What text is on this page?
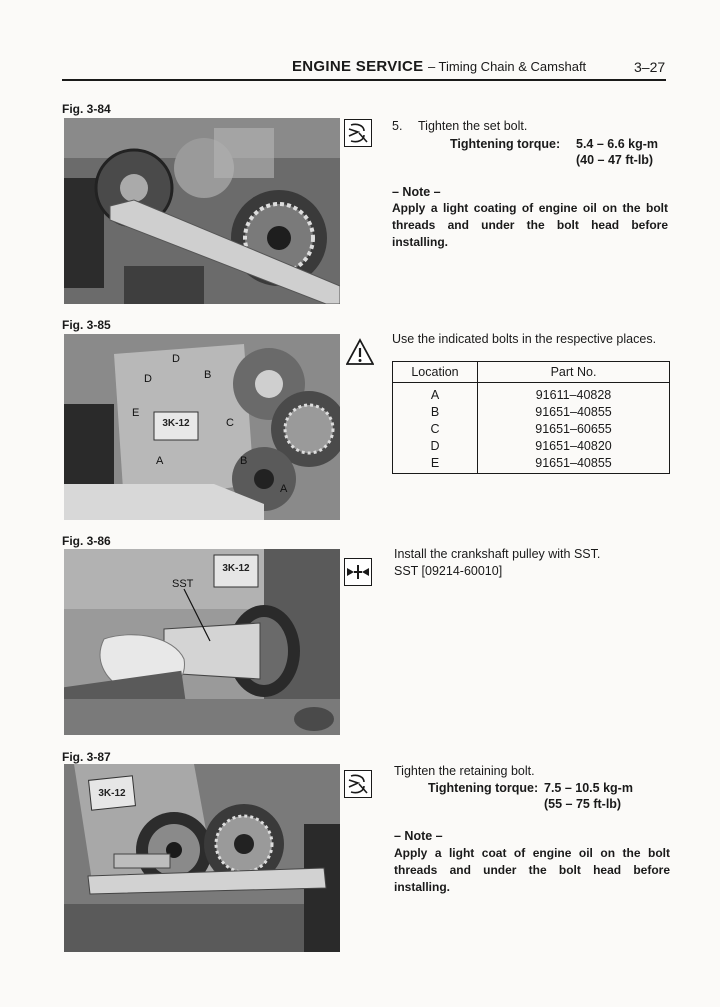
ENGINE SERVICE – Timing Chain & Camshaft	3–27
Fig. 3-84
5. Tighten the set bolt.
Tightening torque: 5.4 – 6.6 kg-m
(40 – 47 ft-lb)
– Note –
Apply a light coating of engine oil on the bolt threads and under the bolt head before installing.
Fig. 3-85
3K-12
D
D	B
E
C
A	B
A
Use the indicated bolts in the respective places.
Location	Part No.
A	91611–40828
B	91651–40855
C	91651–60655
D	91651–40820
E	91651–40855
Fig. 3-86
3K-12
SST
Install the crankshaft pulley with SST.
SST [09214-60010]
Fig. 3-87
3K-12
Tighten the retaining bolt.
Tightening torque: 7.5 – 10.5 kg-m
(55 – 75 ft-lb)
– Note –
Apply a light coat of engine oil on the bolt threads and under the bolt head before installing.
